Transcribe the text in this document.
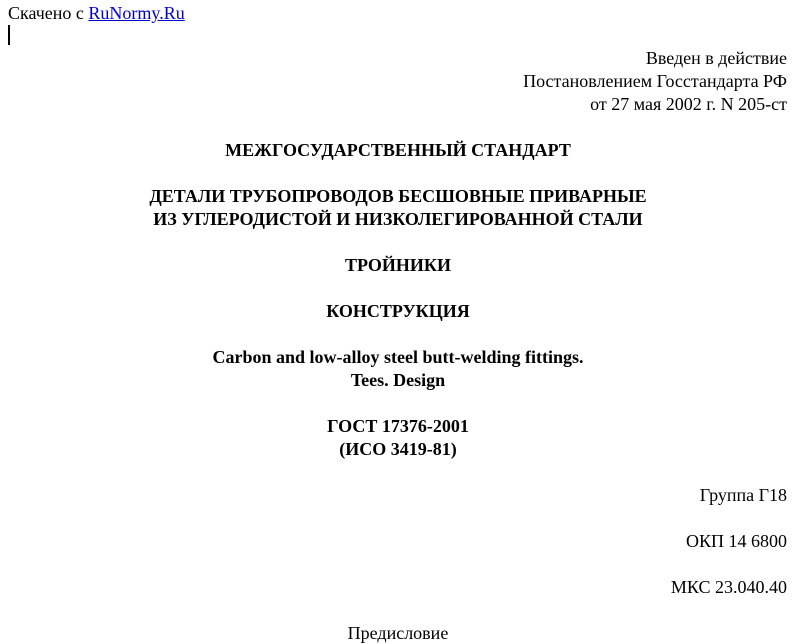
Скачено с RuNormy.Ru
Введен в действие
Постановлением Госстандарта РФ
от 27 мая 2002 г. N 205-ст
МЕЖГОСУДАРСТВЕННЫЙ СТАНДАРТ
ДЕТАЛИ ТРУБОПРОВОДОВ БЕСШОВНЫЕ ПРИВАРНЫЕ
ИЗ УГЛЕРОДИСТОЙ И НИЗКОЛЕГИРОВАННОЙ СТАЛИ
ТРОЙНИКИ
КОНСТРУКЦИЯ
Carbon and low-alloy steel butt-welding fittings.
Tees. Design
ГОСТ 17376-2001
(ИСО 3419-81)
Группа Г18
ОКП 14 6800
МКС 23.040.40
Предисловие
